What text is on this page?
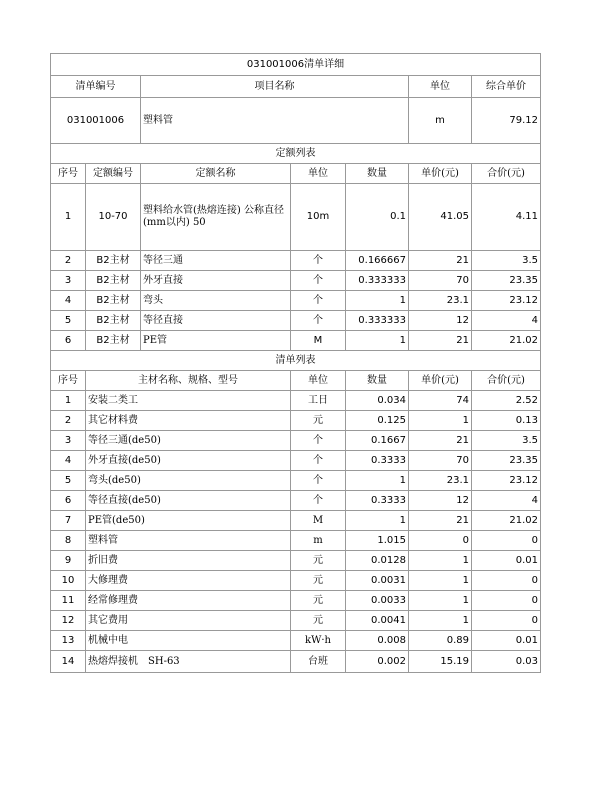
031001006清单详细						
清单编号		项目名称			单位	综合单价
031001006		塑料管			m	79.12
定额列表						
序号	定额编号	定额名称	单位	数量	单价(元)	合价(元)
1	10-70	塑料给水管(热熔连接) 公称直径(mm以内) 50	10m	0.1	41.05	4.11
2	B2主材	等径三通	个	0.166667	21	3.5
3	B2主材	外牙直接	个	0.333333	70	23.35
4	B2主材	弯头	个	1	23.1	23.12
5	B2主材	等径直接	个	0.333333	12	4
6	B2主材	PE管	M	1	21	21.02
清单列表						
序号	主材名称、规格、型号		单位	数量	单价(元)	合价(元)
1	安装二类工		工日	0.034	74	2.52
2	其它材料费		元	0.125	1	0.13
3	等径三通(de50)		个	0.1667	21	3.5
4	外牙直接(de50)		个	0.3333	70	23.35
5	弯头(de50)		个	1	23.1	23.12
6	等径直接(de50)		个	0.3333	12	4
7	PE管(de50)		M	1	21	21.02
8	塑料管		m	1.015	0	0
9	折旧费		元	0.0128	1	0.01
10	大修理费		元	0.0031	1	0
11	经常修理费		元	0.0033	1	0
12	其它费用		元	0.0041	1	0
13	机械中电		kW·h	0.008	0.89	0.01
14	热熔焊接机　SH-63		台班	0.002	15.19	0.03
